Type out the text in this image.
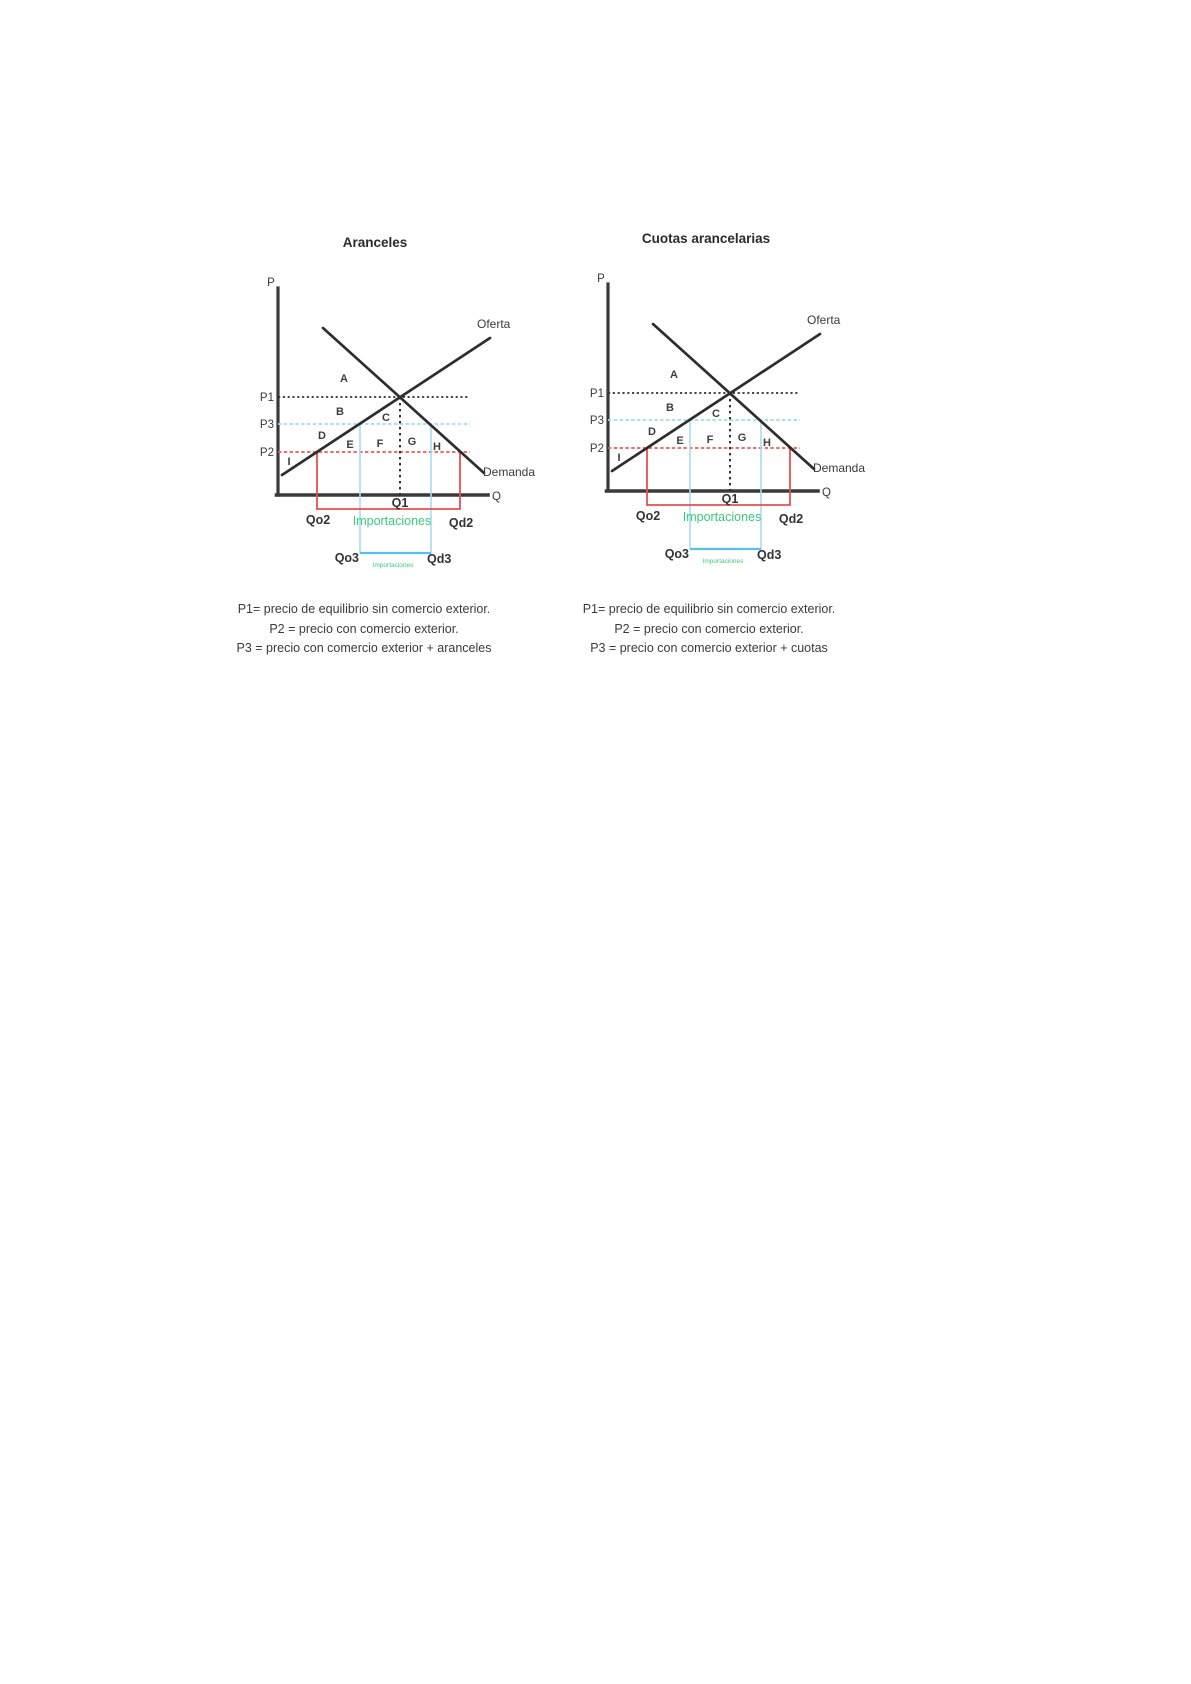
Aranceles
P
Q
P1
P3
P2
Oferta
Demanda
A
B	C
D
E F G H
I
Q1
Qo2	Qd2
Importaciones
Qo3	Qd3
Importaciones
Cuotas arancelarias
P
Q
P1
P3
P2
Oferta
Demanda
A
B	C
D
E F G H
I
Q1
Qo2	Qd2
Importaciones
Qo3	Qd3
Importaciones
P1= precio de equilibrio sin comercio exterior.
P2 = precio con comercio exterior.
P3 = precio con comercio exterior + aranceles
P1= precio de equilibrio sin comercio exterior.
P2 = precio con comercio exterior.
P3 = precio con comercio exterior + cuotas
